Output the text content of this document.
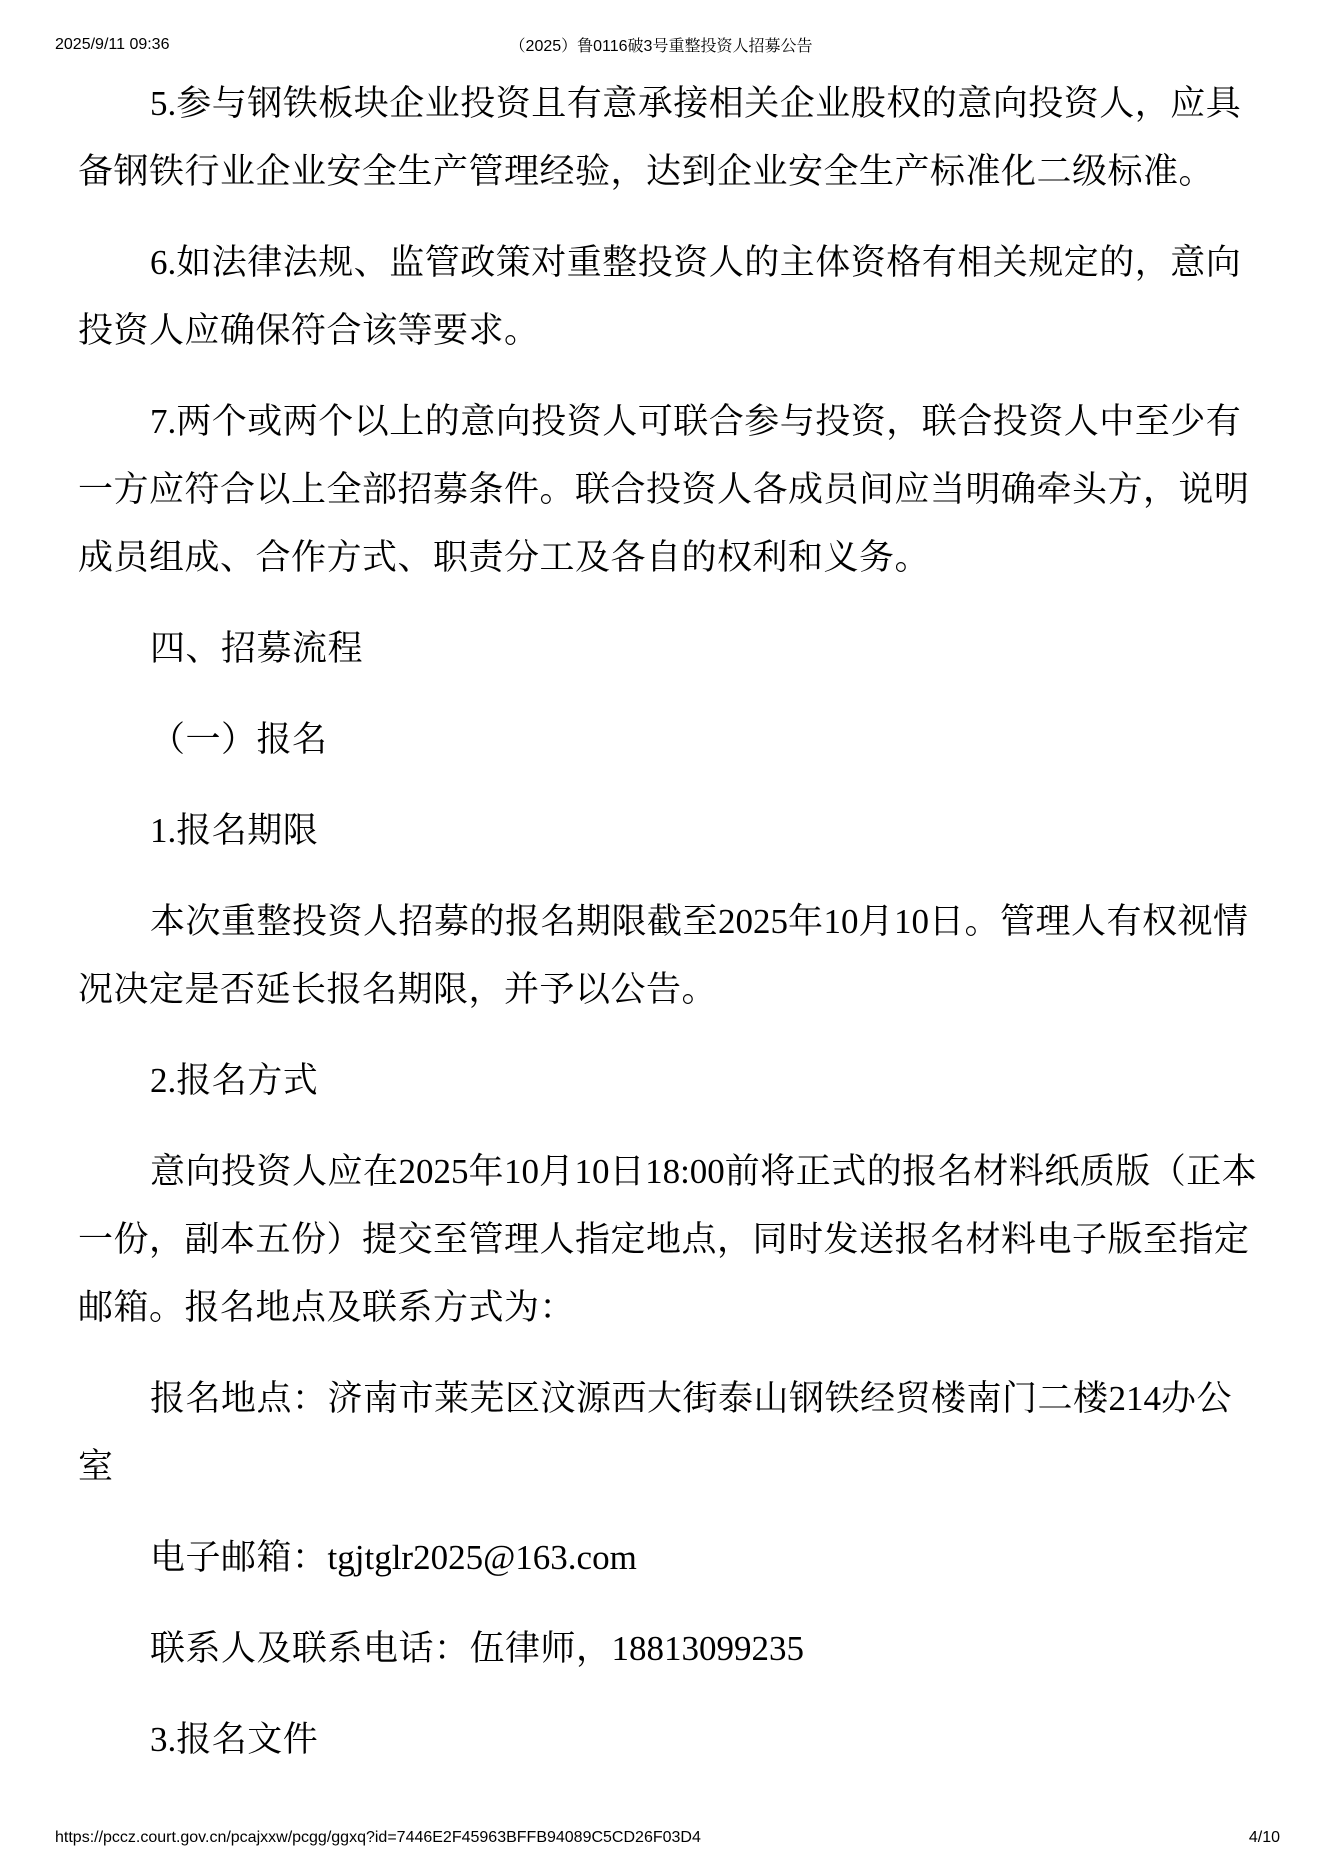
2025/9/11 09:36	（2025）鲁0116破3号重整投资人招募公告

5.参与钢铁板块企业投资且有意承接相关企业股权的意向投资人，应具备钢铁行业企业安全生产管理经验，达到企业安全生产标准化二级标准。

6.如法律法规、监管政策对重整投资人的主体资格有相关规定的，意向投资人应确保符合该等要求。

7.两个或两个以上的意向投资人可联合参与投资，联合投资人中至少有一方应符合以上全部招募条件。联合投资人各成员间应当明确牵头方，说明成员组成、合作方式、职责分工及各自的权利和义务。

四、招募流程

（一）报名

1.报名期限

本次重整投资人招募的报名期限截至2025年10月10日。管理人有权视情况决定是否延长报名期限，并予以公告。

2.报名方式

意向投资人应在2025年10月10日18:00前将正式的报名材料纸质版（正本一份，副本五份）提交至管理人指定地点，同时发送报名材料电子版至指定邮箱。报名地点及联系方式为：

报名地点：济南市莱芜区汶源西大街泰山钢铁经贸楼南门二楼214办公室

电子邮箱：tgjtglr2025@163.com

联系人及联系电话：伍律师，18813099235

3.报名文件

https://pccz.court.gov.cn/pcajxxw/pcgg/ggxq?id=7446E2F45963BFFB94089C5CD26F03D4	4/10
